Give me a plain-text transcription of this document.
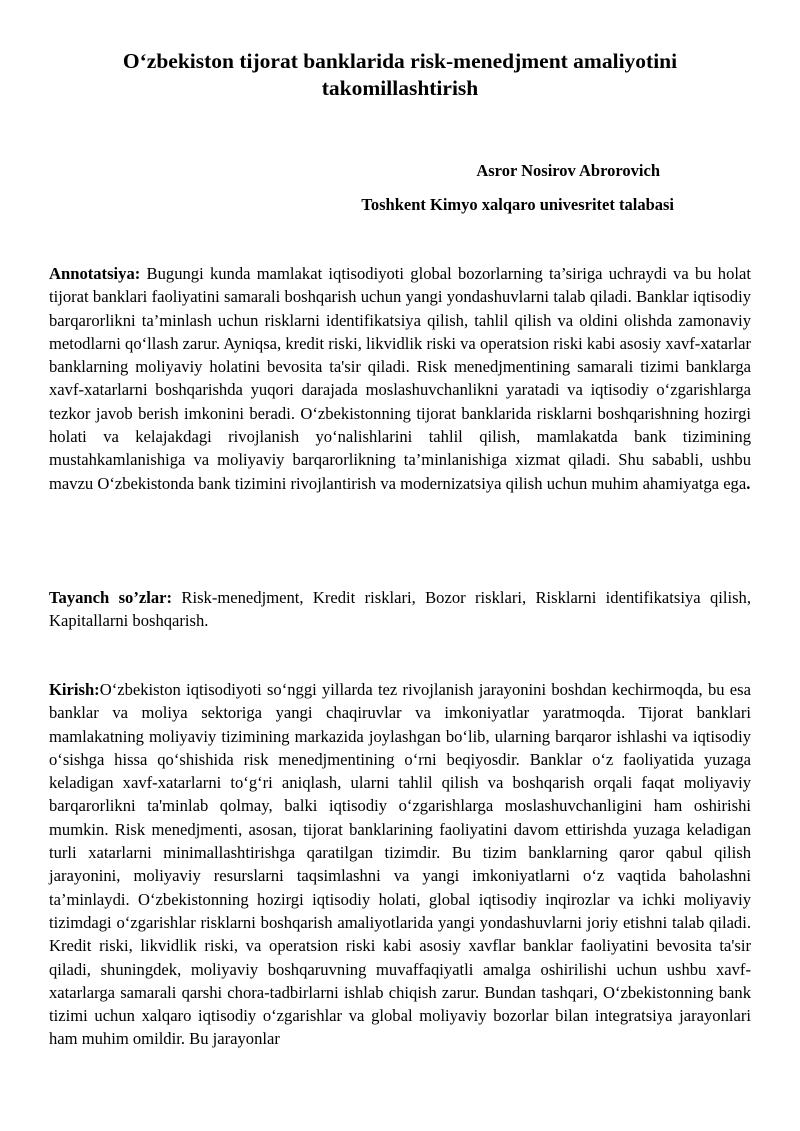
O‘zbekiston tijorat banklarida risk-menedjment amaliyotini takomillashtirish

Asror Nosirov Abrorovich

Toshkent Kimyo xalqaro univesritet talabasi

Annotatsiya: Bugungi kunda mamlakat iqtisodiyoti global bozorlarning ta’siriga uchraydi va bu holat tijorat banklari faoliyatini samarali boshqarish uchun yangi yondashuvlarni talab qiladi. Banklar iqtisodiy barqarorlikni ta’minlash uchun risklarni identifikatsiya qilish, tahlil qilish va oldini olishda zamonaviy metodlarni qo‘llash zarur. Ayniqsa, kredit riski, likvidlik riski va operatsion riski kabi asosiy xavf-xatarlar banklarning moliyaviy holatini bevosita ta'sir qiladi. Risk menedjmentining samarali tizimi banklarga xavf-xatarlarni boshqarishda yuqori darajada moslashuvchanlikni yaratadi va iqtisodiy o‘zgarishlarga tezkor javob berish imkonini beradi. O‘zbekistonning tijorat banklarida risklarni boshqarishning hozirgi holati va kelajakdagi rivojlanish yo‘nalishlarini tahlil qilish, mamlakatda bank tizimining mustahkamlanishiga va moliyaviy barqarorlikning ta’minlanishiga xizmat qiladi. Shu sababli, ushbu mavzu O‘zbekistonda bank tizimini rivojlantirish va modernizatsiya qilish uchun muhim ahamiyatga ega.

Tayanch so’zlar: Risk-menedjment, Kredit risklari, Bozor risklari, Risklarni identifikatsiya qilish, Kapitallarni boshqarish.

Kirish:O‘zbekiston iqtisodiyoti so‘nggi yillarda tez rivojlanish jarayonini boshdan kechirmoqda, bu esa banklar va moliya sektoriga yangi chaqiruvlar va imkoniyatlar yaratmoqda. Tijorat banklari mamlakatning moliyaviy tizimining markazida joylashgan bo‘lib, ularning barqaror ishlashi va iqtisodiy o‘sishga hissa qo‘shishida risk menedjmentining o‘rni beqiyosdir. Banklar o‘z faoliyatida yuzaga keladigan xavf-xatarlarni to‘g‘ri aniqlash, ularni tahlil qilish va boshqarish orqali faqat moliyaviy barqarorlikni ta'minlab qolmay, balki iqtisodiy o‘zgarishlarga moslashuvchanligini ham oshirishi mumkin. Risk menedjmenti, asosan, tijorat banklarining faoliyatini davom ettirishda yuzaga keladigan turli xatarlarni minimallashtirishga qaratilgan tizimdir. Bu tizim banklarning qaror qabul qilish jarayonini, moliyaviy resurslarni taqsimlashni va yangi imkoniyatlarni o‘z vaqtida baholashni ta’minlaydi. O‘zbekistonning hozirgi iqtisodiy holati, global iqtisodiy inqirozlar va ichki moliyaviy tizimdagi o‘zgarishlar risklarni boshqarish amaliyotlarida yangi yondashuvlarni joriy etishni talab qiladi. Kredit riski, likvidlik riski, va operatsion riski kabi asosiy xavflar banklar faoliyatini bevosita ta'sir qiladi, shuningdek, moliyaviy boshqaruvning muvaffaqiyatli amalga oshirilishi uchun ushbu xavf-xatarlarga samarali qarshi chora-tadbirlarni ishlab chiqish zarur. Bundan tashqari, O‘zbekistonning bank tizimi uchun xalqaro iqtisodiy o‘zgarishlar va global moliyaviy bozorlar bilan integratsiya jarayonlari ham muhim omildir. Bu jarayonlar
